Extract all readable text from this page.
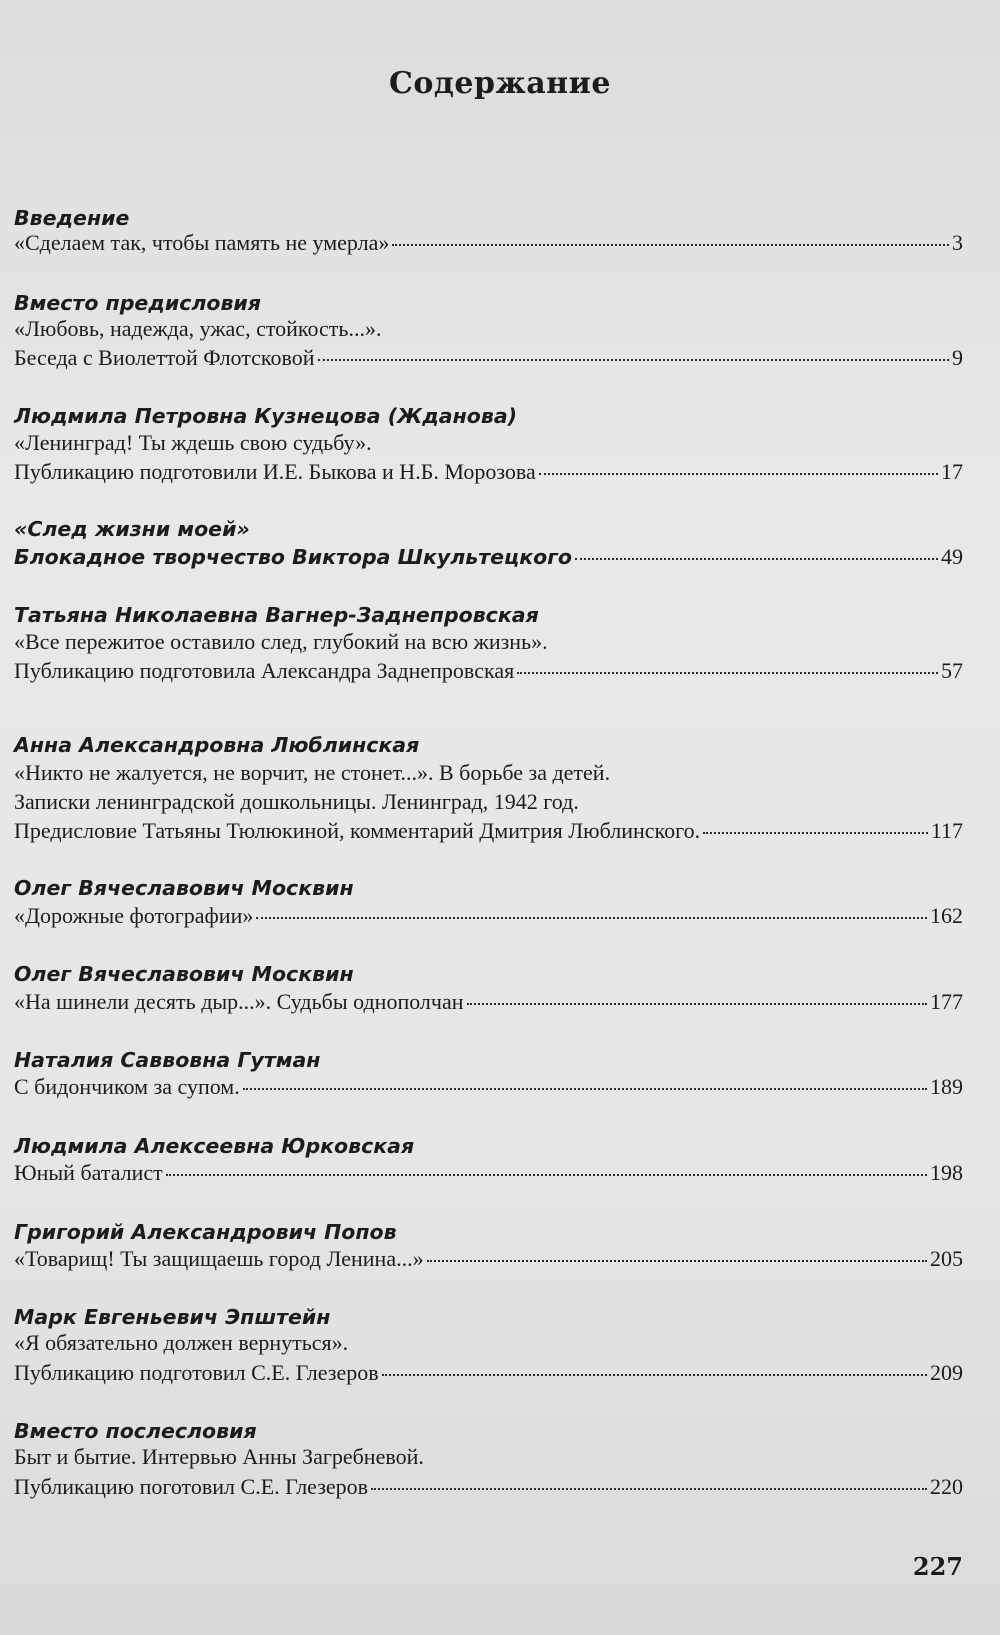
Содержание
Введение
«Сделаем так, чтобы память не умерла»	3
Вместо предисловия
«Любовь, надежда, ужас, стойкость...».
Беседа с Виолеттой Флотсковой	9
Людмила Петровна Кузнецова (Жданова)
«Ленинград! Ты ждешь свою судьбу».
Публикацию подготовили И.Е. Быкова и Н.Б. Морозова	17
«След жизни моей»
Блокадное творчество Виктора Шкультецкого	49
Татьяна Николаевна Вагнер-Заднепровская
«Все пережитое оставило след, глубокий на всю жизнь».
Публикацию подготовила Александра Заднепровская	57
Анна Александровна Люблинская
«Никто не жалуется, не ворчит, не стонет...». В борьбе за детей.
Записки ленинградской дошкольницы. Ленинград, 1942 год.
Предисловие Татьяны Тюлюкиной, комментарий Дмитрия Люблинского.	117
Олег Вячеславович Москвин
«Дорожные фотографии»	162
Олег Вячеславович Москвин
«На шинели десять дыр...». Судьбы однополчан	177
Наталия Саввовна Гутман
С бидончиком за супом.	189
Людмила Алексеевна Юрковская
Юный баталист	198
Григорий Александрович Попов
«Товарищ! Ты защищаешь город Ленина...»	205
Марк Евгеньевич Эпштейн
«Я обязательно должен вернуться».
Публикацию подготовил С.Е. Глезеров	209
Вместо послесловия
Быт и бытие. Интервью Анны Загребневой.
Публикацию поготовил С.Е. Глезеров	220
227
